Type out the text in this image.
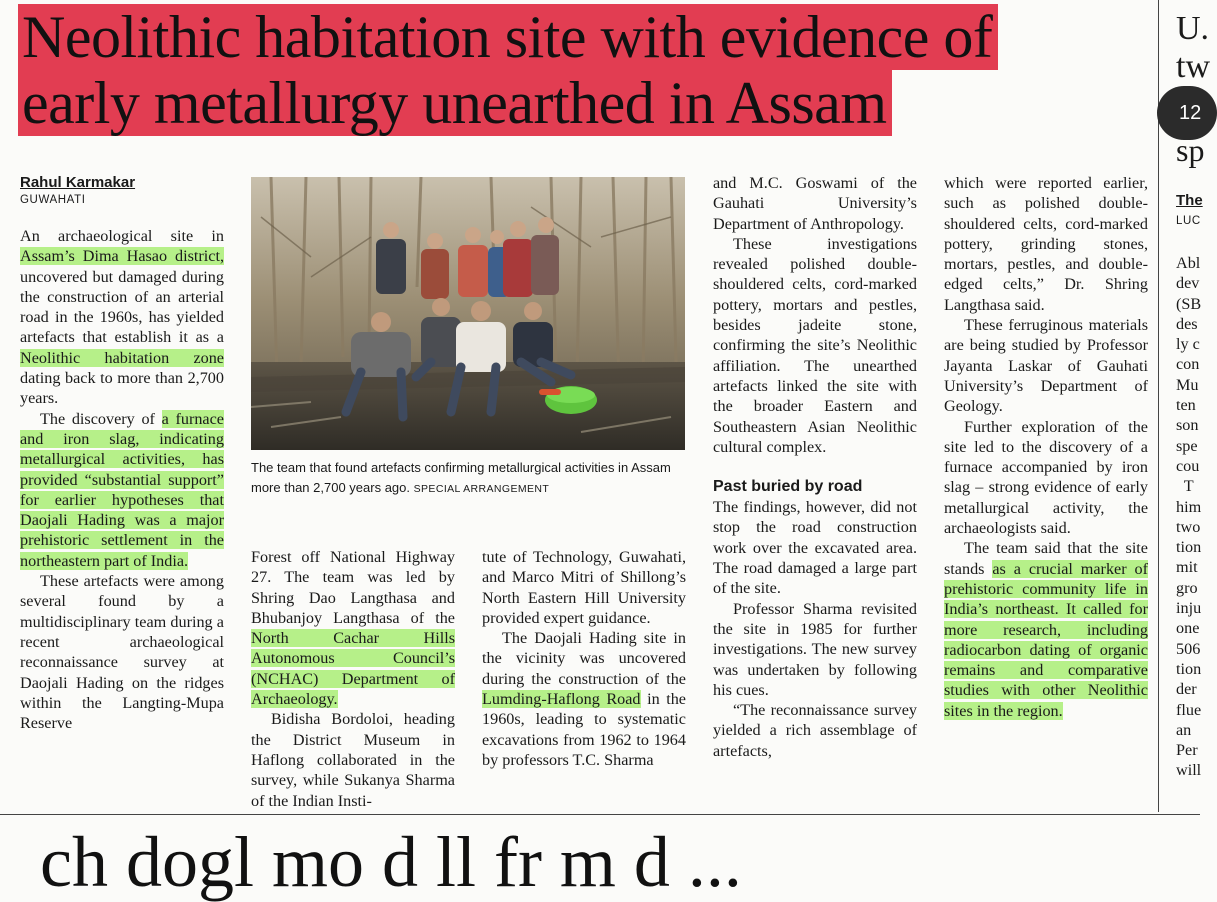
Neolithic habitation site with evidence of
early metallurgy unearthed in Assam

Rahul Karmakar

GUWAHATI

An archaeological site in Assam’s Dima Hasao district, uncovered but damaged during the construction of an arterial road in the 1960s, has yielded artefacts that establish it as a Neolithic habitation zone dating back to more than 2,700 years.

The discovery of a furnace and iron slag, indicating metallurgical activities, has provided “substantial support” for earlier hypotheses that Daojali Hading was a major prehistoric settlement in the northeastern part of India.

These artefacts were among several found by a multidisciplinary team during a recent archaeological reconnaissance survey at Daojali Hading on the ridges within the Langting-Mupa Reserve

The team that found artefacts confirming metallurgical activities in Assam more than 2,700 years ago. SPECIAL ARRANGEMENT

Forest off National Highway 27. The team was led by Shring Dao Langthasa and Bhubanjoy Langthasa of the North Cachar Hills Autonomous Council’s (NCHAC) Department of Archaeology.

Bidisha Bordoloi, heading the District Museum in Haflong collaborated in the survey, while Sukanya Sharma of the Indian Insti-

tute of Technology, Guwahati, and Marco Mitri of Shillong’s North Eastern Hill University provided expert guidance.

The Daojali Hading site in the vicinity was uncovered during the construction of the Lumding-Haflong Road in the 1960s, leading to systematic excavations from 1962 to 1964 by professors T.C. Sharma

and M.C. Goswami of the Gauhati University’s Department of Anthropology.

These investigations revealed polished double-shouldered celts, cord-marked pottery, mortars and pestles, besides jadeite stone, confirming the site’s Neolithic affiliation. The unearthed artefacts linked the site with the broader Eastern and Southeastern Asian Neolithic cultural complex.

Past buried by road

The findings, however, did not stop the road construction work over the excavated area. The road damaged a large part of the site.

Professor Sharma revisited the site in 1985 for further investigations. The new survey was undertaken by following his cues.

“The reconnaissance survey yielded a rich assemblage of artefacts,

which were reported earlier, such as polished double-shouldered celts, cord-marked pottery, grinding stones, mortars, pestles, and double-edged celts,” Dr. Shring Langthasa said.

These ferruginous materials are being studied by Professor Jayanta Laskar of Gauhati University’s Department of Geology.

Further exploration of the site led to the discovery of a furnace accompanied by iron slag – strong evidence of early metallurgical activity, the archaeologists said.

The team said that the site stands as a crucial marker of prehistoric community life in India’s northeast. It called for more research, including radiocarbon dating of organic remains and comparative studies with other Neolithic sites in the region.

U.
tw
12
sp
The
LUC
Abl
dev
(SB
des
ly c
con
Mu
ten
son
spe
cou
T
him
two
tion
mit
gro
inju
one
506
tion
der
flue
an
Per
will
ch dogl mo d ll fr m d ...
